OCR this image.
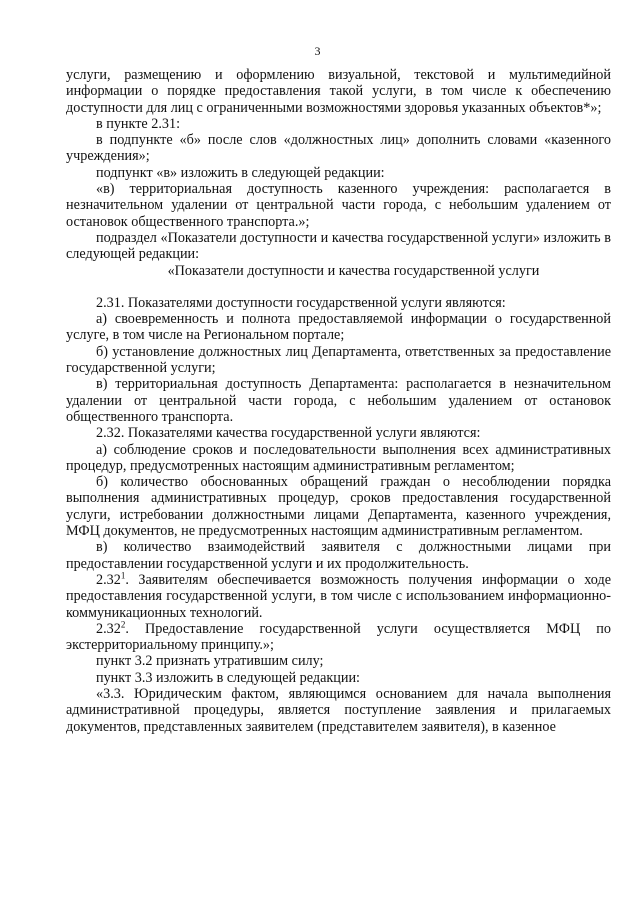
3

услуги, размещению и оформлению визуальной, текстовой и мультимедийной информации о порядке предоставления такой услуги, в том числе к обеспечению доступности для лиц с ограниченными возможностями здоровья указанных объектов*»;

в пункте 2.31:

в подпункте «б» после слов «должностных лиц» дополнить словами «казенного учреждения»;

подпункт «в» изложить в следующей редакции:

«в) территориальная доступность казенного учреждения: располагается в незначительном удалении от центральной части города, с небольшим удалением от остановок общественного транспорта.»;

подраздел «Показатели доступности и качества государственной услуги» изложить в следующей редакции:

«Показатели доступности и качества государственной услуги

2.31. Показателями доступности государственной услуги являются:

а) своевременность и полнота предоставляемой информации о государственной услуге, в том числе на Региональном портале;

б) установление должностных лиц Департамента, ответственных за предоставление государственной услуги;

в) территориальная доступность Департамента: располагается в незначительном удалении от центральной части города, с небольшим удалением от остановок общественного транспорта.

2.32. Показателями качества государственной услуги являются:

а) соблюдение сроков и последовательности выполнения всех административных процедур, предусмотренных настоящим административным регламентом;

б) количество обоснованных обращений граждан о несоблюдении порядка выполнения административных процедур, сроков предоставления государственной услуги, истребовании должностными лицами Департамента, казенного учреждения, МФЦ документов, не предусмотренных настоящим административным регламентом.

в) количество взаимодействий заявителя с должностными лицами при предоставлении государственной услуги и их продолжительность.

2.32$^1$. Заявителям обеспечивается возможность получения информации о ходе предоставления государственной услуги, в том числе с использованием информационно-коммуникационных технологий.

2.32$^2$. Предоставление государственной услуги осуществляется МФЦ по экстерриториальному принципу.»;

пункт 3.2 признать утратившим силу;

пункт 3.3 изложить в следующей редакции:

«3.3. Юридическим фактом, являющимся основанием для начала выполнения административной процедуры, является поступление заявления и прилагаемых документов, представленных заявителем (представителем заявителя), в казенное
